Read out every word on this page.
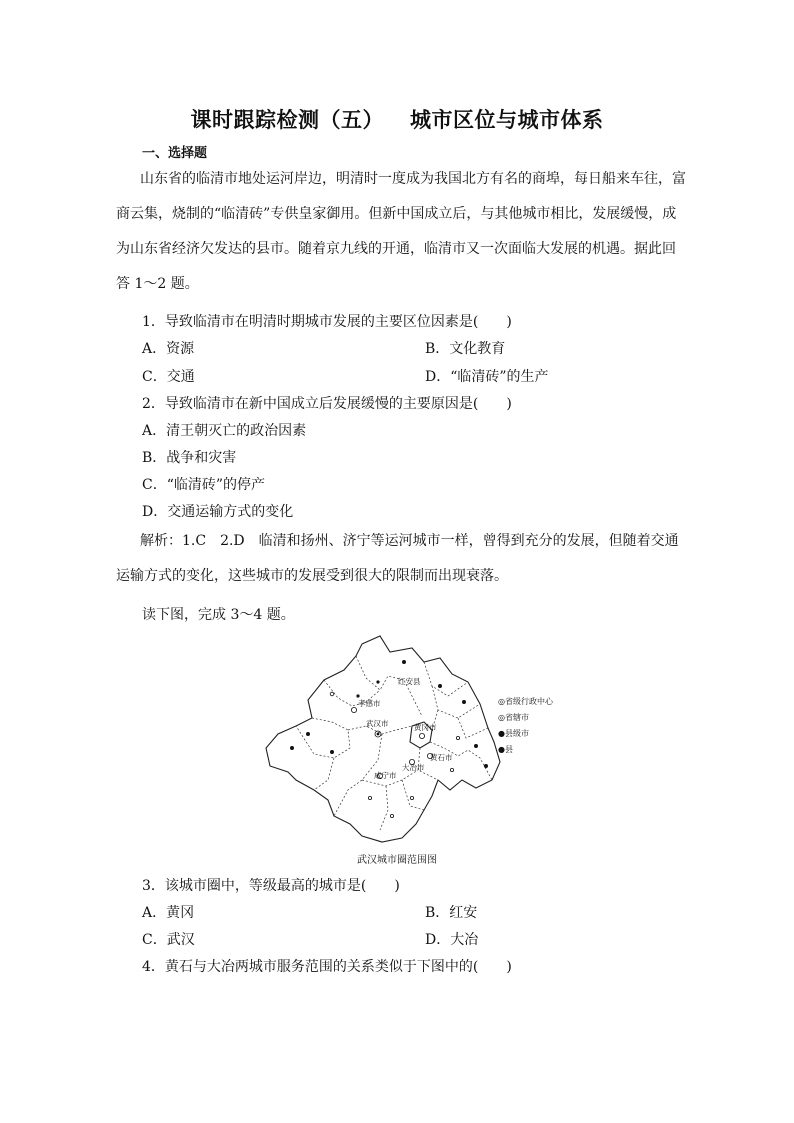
课时跟踪检测（五） 城市区位与城市体系
一、选择题

山东省的临清市地处运河岸边，明清时一度成为我国北方有名的商埠，每日船来车往，富商云集，烧制的“临清砖”专供皇家御用。但新中国成立后，与其他城市相比，发展缓慢，成为山东省经济欠发达的县市。随着京九线的开通，临清市又一次面临大发展的机遇。据此回答 1～2 题。

1．导致临清市在明清时期城市发展的主要区位因素是(　　)
A．资源	B．文化教育
C．交通	D．“临清砖”的生产
2．导致临清市在新中国成立后发展缓慢的主要原因是(　　)
A．清王朝灭亡的政治因素
B．战争和灾害
C．“临清砖”的停产
D．交通运输方式的变化

解析：1.C　2.D　临清和扬州、济宁等运河城市一样，曾得到充分的发展，但随着交通运输方式的变化，这些城市的发展受到很大的限制而出现衰落。

读下图，完成 3～4 题。
红安县
孝感市
武汉市	黄冈市
黄石市
大冶市
咸宁市
◎省级行政中心
◎省辖市
●县级市
●县
武汉城市圈范围图
3．该城市圈中，等级最高的城市是(　　)
A．黄冈	B．红安
C．武汉	D．大冶
4．黄石与大冶两城市服务范围的关系类似于下图中的(　　)
